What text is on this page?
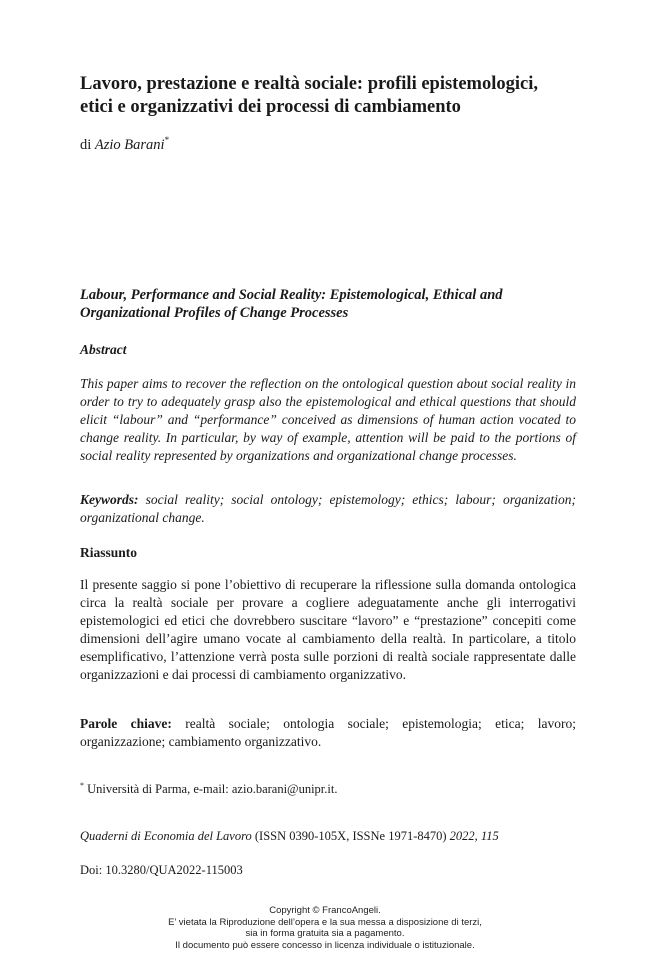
Lavoro, prestazione e realtà sociale: profili epistemologici,
etici e organizzativi dei processi di cambiamento
di Azio Barani*
Labour, Performance and Social Reality: Epistemological, Ethical and
Organizational Profiles of Change Processes
Abstract

This paper aims to recover the reflection on the ontological question about social reality in order to try to adequately grasp also the epistemological and ethical questions that should elicit “labour” and “performance” conceived as dimensions of human action vocated to change reality. In particular, by way of example, attention will be paid to the portions of social reality represented by organizations and organizational change processes.

Keywords: social reality; social ontology; epistemology; ethics; labour; organization; organizational change.

Riassunto

Il presente saggio si pone l’obiettivo di recuperare la riflessione sulla domanda ontologica circa la realtà sociale per provare a cogliere adeguatamente anche gli interrogativi epistemologici ed etici che dovrebbero suscitare “lavoro” e “prestazione” concepiti come dimensioni dell’agire umano vocate al cambiamento della realtà. In particolare, a titolo esemplificativo, l’attenzione verrà posta sulle porzioni di realtà sociale rappresentate dalle organizzazioni e dai processi di cambiamento organizzativo.

Parole chiave: realtà sociale; ontologia sociale; epistemologia; etica; lavoro; organizzazione; cambiamento organizzativo.

* Università di Parma, e-mail: azio.barani@unipr.it.
Quaderni di Economia del Lavoro (ISSN 0390-105X, ISSNe 1971-8470) 2022, 115
Doi: 10.3280/QUA2022-115003
Copyright © FrancoAngeli.
E’ vietata la Riproduzione dell’opera e la sua messa a disposizione di terzi,
sia in forma gratuita sia a pagamento.
Il documento può essere concesso in licenza individuale o istituzionale.
